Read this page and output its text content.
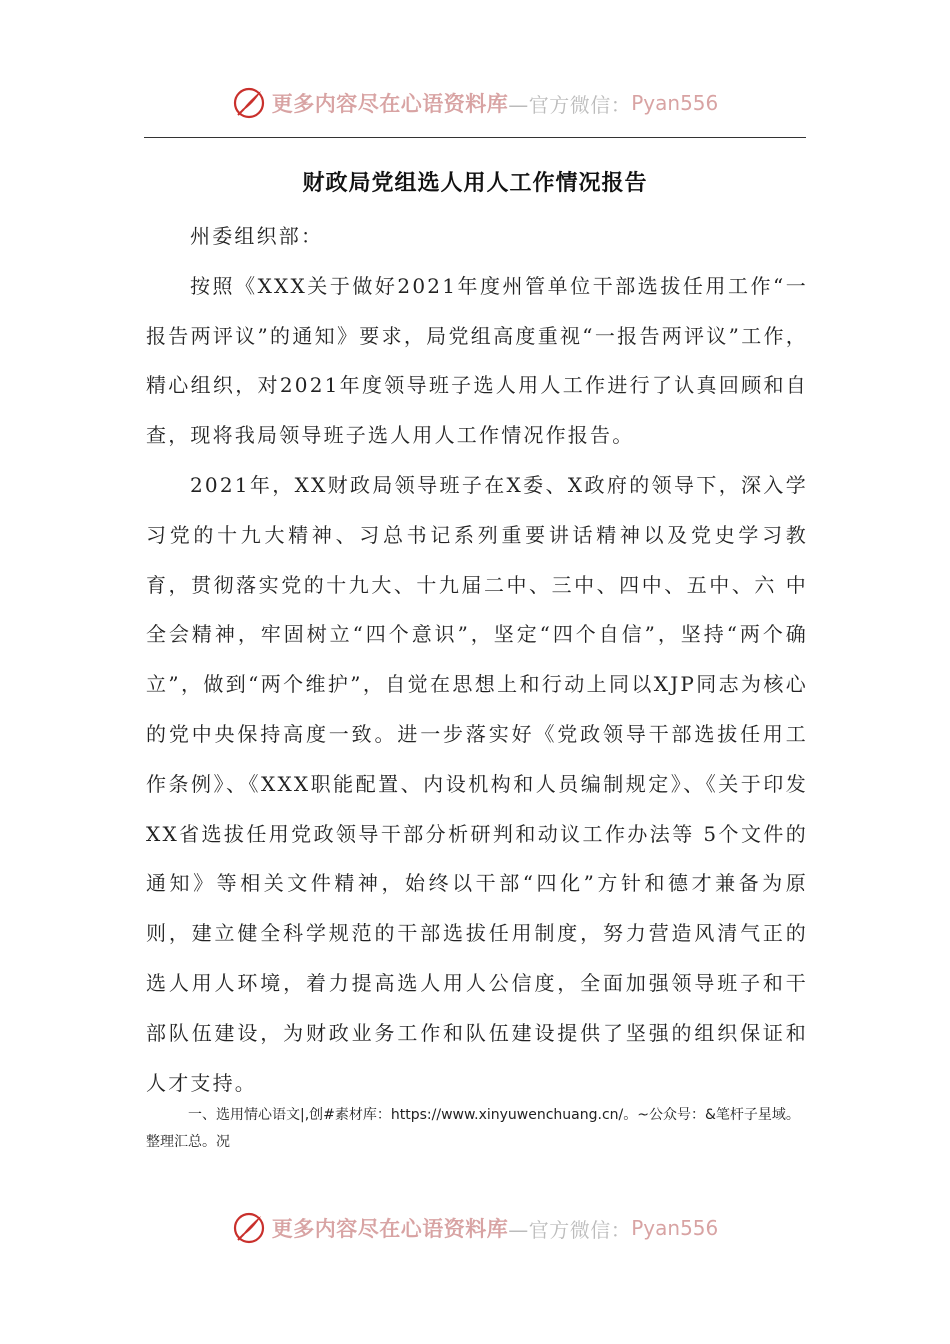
更多内容尽在心语资料库 —官方微信： Pyan556
财政局党组选人用人工作情况报告

州委组织部：

按照《XXX关于做好2021年度州管单位干部选拔任用工作“一报告两评议”的通知》要求，局党组高度重视“一报告两评议”工作，精心组织，对2021年度领导班子选人用人工作进行了认真回顾和自查，现将我局领导班子选人用人工作情况作报告。

2021年，XX财政局领导班子在X委、X政府的领导下，深入学习党的十九大精神、习总书记系列重要讲话精神以及党史学习教育，贯彻落实党的十九大、十九届二中、三中、四中、五中、六 中全会精神，牢固树立“四个意识”，坚定“四个自信”，坚持“两个确立”，做到“两个维护”，自觉在思想上和行动上同以XJP同志为核心的党中央保持高度一致。进一步落实好《党政领导干部选拔任用工作条例》、《XXX职能配置、内设机构和人员编制规定》、《关于印发XX省选拔任用党政领导干部分析研判和动议工作办法等 5个文件的通知》等相关文件精神，始终以干部“四化”方针和德才兼备为原则，建立健全科学规范的干部选拔任用制度，努力营造风清气正的选人用人环境，着力提高选人用人公信度，全面加强领导班子和干部队伍建设，为财政业务工作和队伍建设提供了坚强的组织保证和人才支持。

一、选用情心语文|,创#素材库：https://www.xinyuwenchuang.cn/。~公众号：&笔杆子星域。整理汇总。况
更多内容尽在心语资料库 —官方微信： Pyan556
